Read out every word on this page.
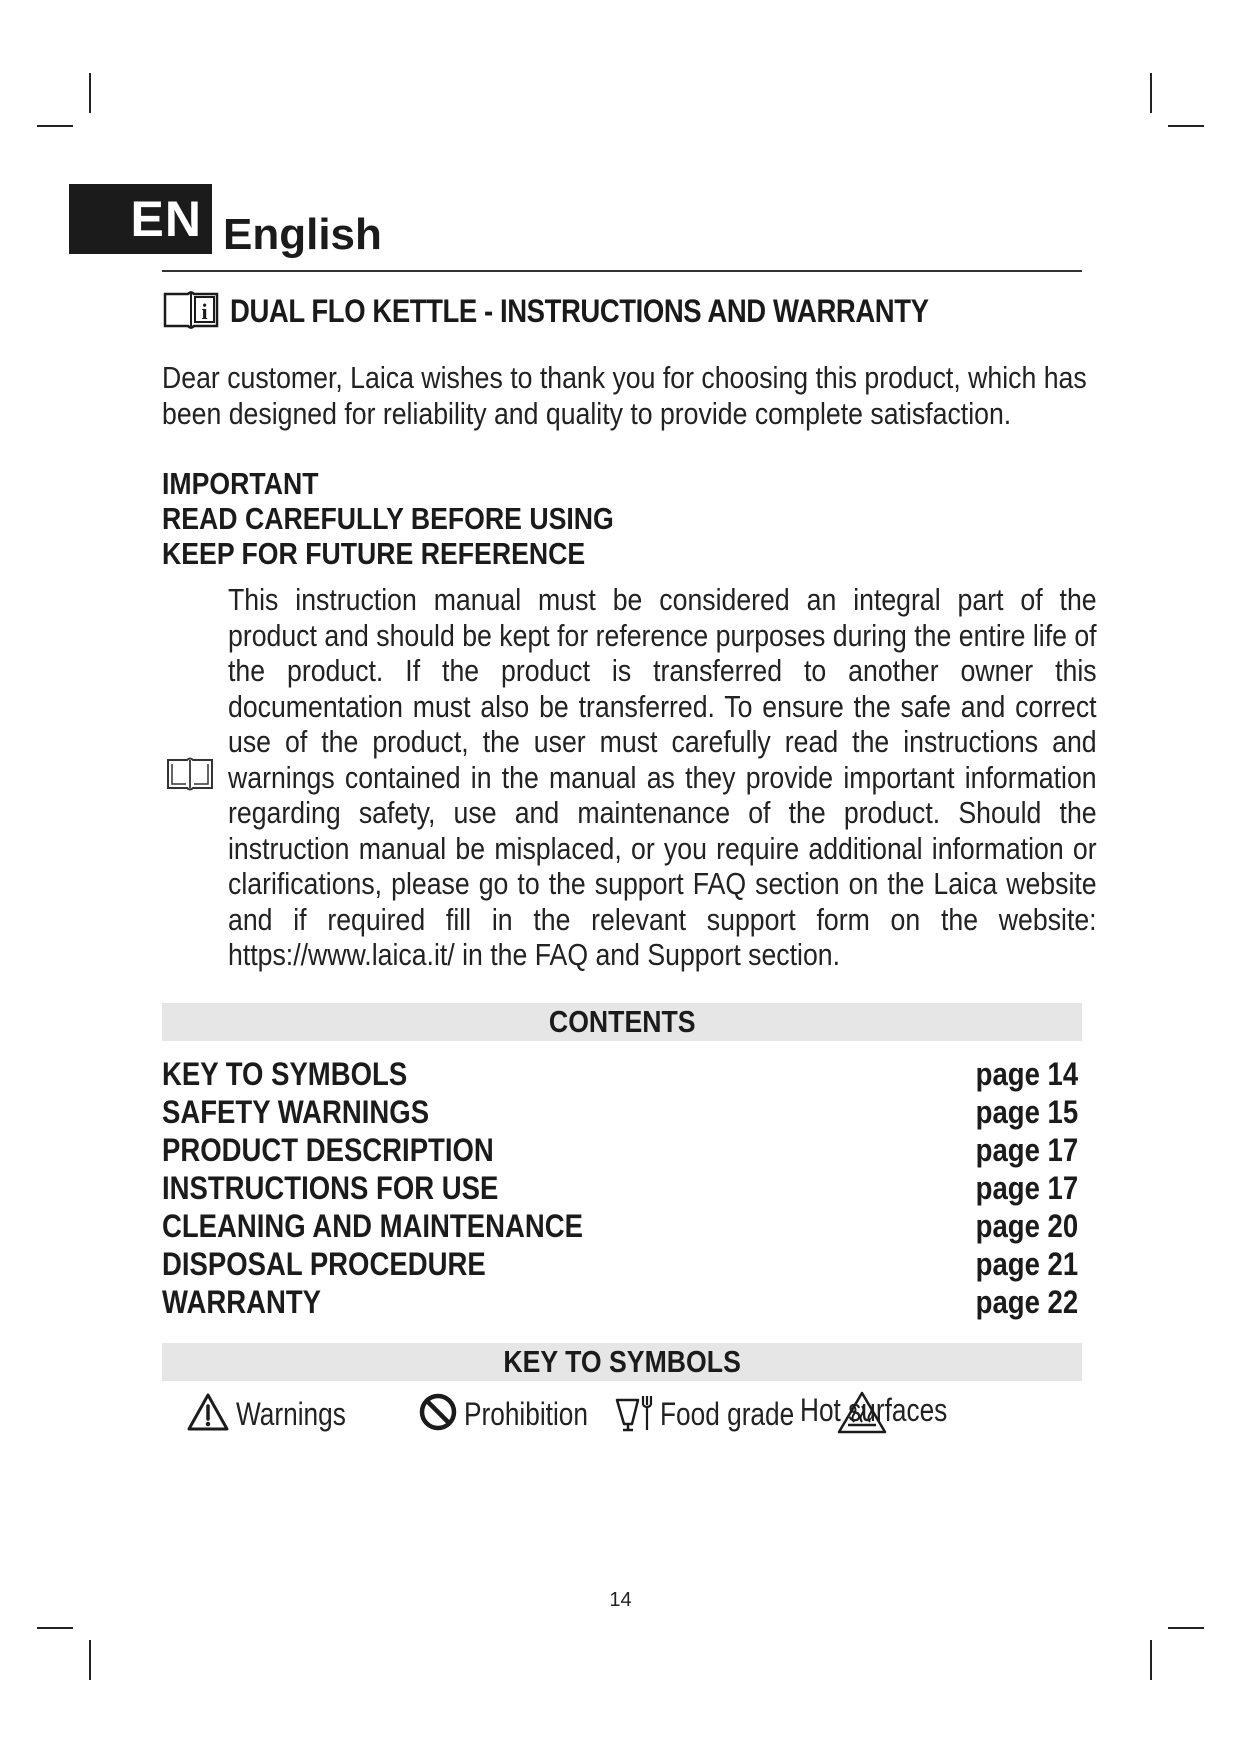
EN English
i DUAL FLO KETTLE - INSTRUCTIONS AND WARRANTY
Dear customer, Laica wishes to thank you for choosing this product, which has been designed for reliability and quality to provide complete satisfaction.
IMPORTANT
READ CAREFULLY BEFORE USING
KEEP FOR FUTURE REFERENCE
This instruction manual must be considered an integral part of the product and should be kept for reference purposes during the entire life of the product. If the product is transferred to another owner this documentation must also be transferred. To ensure the safe and correct use of the product, the user must carefully read the instructions and warnings contained in the manual as they provide important information regarding safety, use and maintenance of the product. Should the instruction manual be misplaced, or you require additional information or clarifications, please go to the support FAQ section on the Laica website and if required fill in the relevant support form on the website: https://www.laica.it/ in the FAQ and Support section.
CONTENTS
KEY TO SYMBOLS	page 14
SAFETY WARNINGS	page 15
PRODUCT DESCRIPTION	page 17
INSTRUCTIONS FOR USE	page 17
CLEANING AND MAINTENANCE	page 20
DISPOSAL PROCEDURE	page 21
WARRANTY	page 22
KEY TO SYMBOLS
Warnings	Prohibition Food grade Hot surfaces
14
